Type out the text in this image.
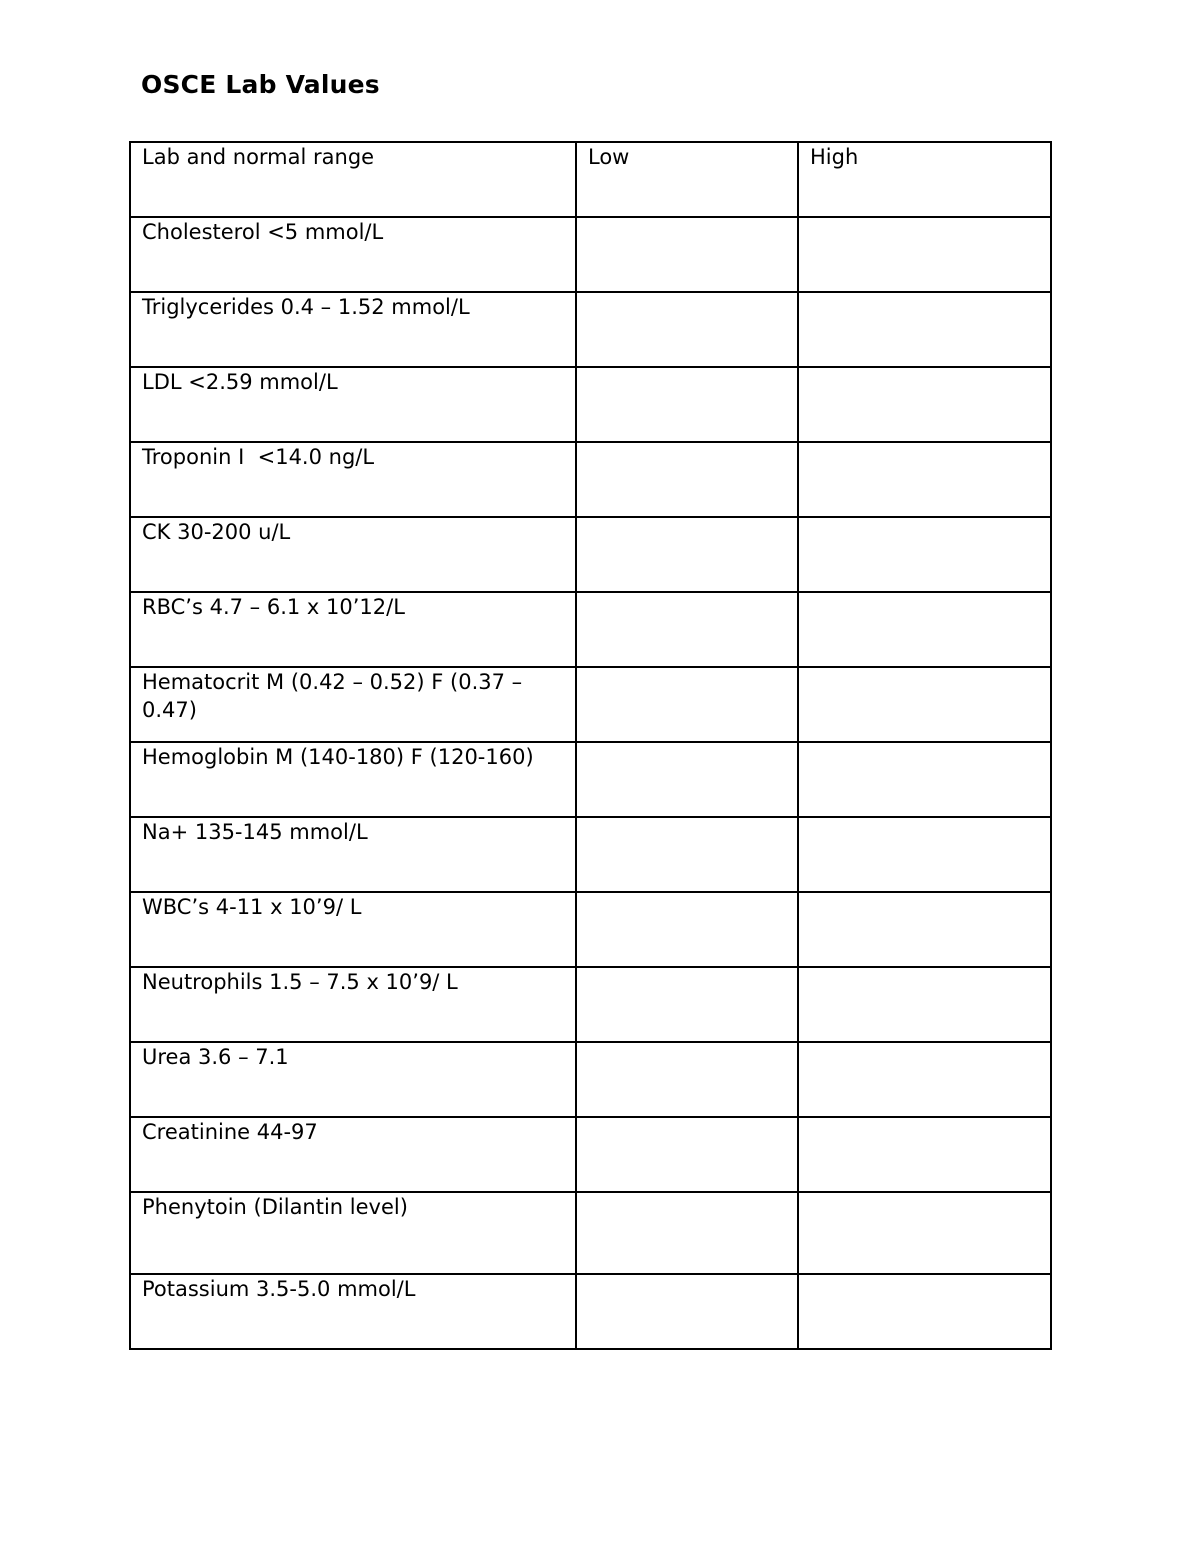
OSCE Lab Values
Lab and normal range	Low	High

Cholesterol <5 mmol/L		

Triglycerides 0.4 – 1.52 mmol/L		

LDL <2.59 mmol/L		

Troponin I  <14.0 ng/L		

CK 30-200 u/L		

RBC’s 4.7 – 6.1 x 10’12/L		

Hematocrit M (0.42 – 0.52) F (0.37 – 0.47)		

Hemoglobin M (140-180) F (120-160)		

Na+ 135-145 mmol/L		

WBC’s 4-11 x 10’9/ L		

Neutrophils 1.5 – 7.5 x 10’9/ L		

Urea 3.6 – 7.1		

Creatinine 44-97		

Phenytoin (Dilantin level)		

Potassium 3.5-5.0 mmol/L		
